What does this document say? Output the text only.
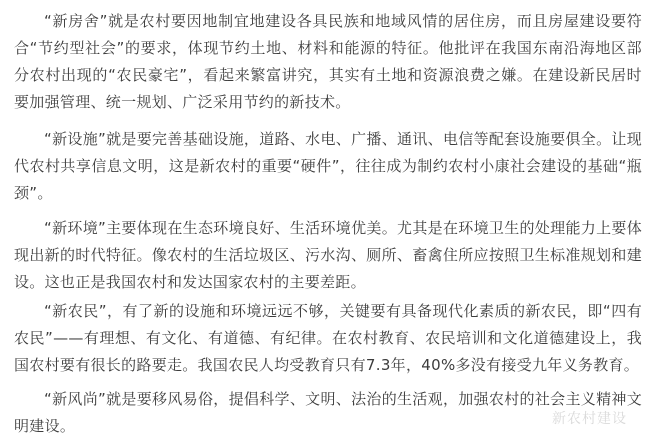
“新房舍”就是农村要因地制宜地建设各具民族和地域风情的居住房，而且房屋建设要符合“节约型社会”的要求，体现节约土地、材料和能源的特征。他批评在我国东南沿海地区部分农村出现的“农民豪宅”，看起来繁富讲究，其实有土地和资源浪费之嫌。在建设新民居时要加强管理、统一规划、广泛采用节约的新技术。

“新设施”就是要完善基础设施，道路、水电、广播、通讯、电信等配套设施要俱全。让现代农村共享信息文明，这是新农村的重要“硬件”，往往成为制约农村小康社会建设的基础“瓶颈”。

“新环境”主要体现在生态环境良好、生活环境优美。尤其是在环境卫生的处理能力上要体现出新的时代特征。像农村的生活垃圾区、污水沟、厕所、畜禽住所应按照卫生标准规划和建设。这也正是我国农村和发达国家农村的主要差距。

“新农民”，有了新的设施和环境远远不够，关键要有具备现代化素质的新农民，即“四有农民”——有理想、有文化、有道德、有纪律。在农村教育、农民培训和文化道德建设上，我国农村要有很长的路要走。我国农民人均受教育只有7.3年，40%多没有接受九年义务教育。

“新风尚”就是要移风易俗，提倡科学、文明、法治的生活观，加强农村的社会主义精神文明建设。	新农村建设
